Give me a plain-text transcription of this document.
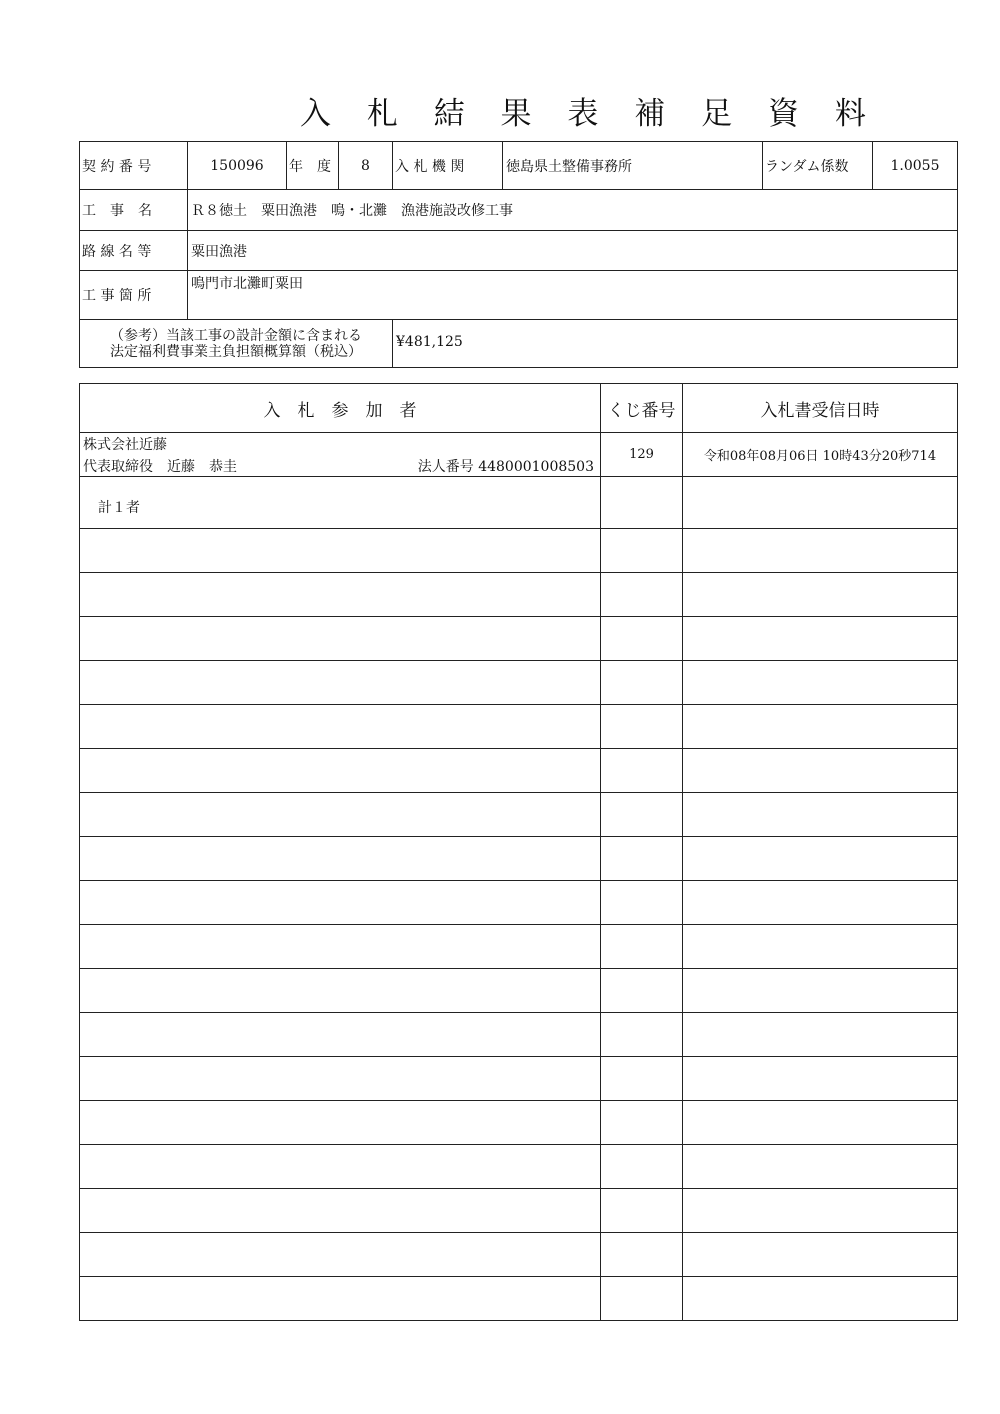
入 札 結 果 表 補 足 資 料
契 約 番 号	150096	年　度	8	入 札 機 関	徳島県土整備事務所	ランダム係数	1.0055
工　事　名	Ｒ８徳土　粟田漁港　鳴・北灘　漁港施設改修工事						
路 線 名 等	粟田漁港						
工 事 箇 所	鳴門市北灘町粟田						

（参考）当該工事の設計金額に含まれる
法定福利費事業主負担額概算額（税込）				¥481,125			
入　札　参　加　者	くじ番号	入札書受信日時

株式会社近藤
代表取締役　近藤　恭圭 法人番号 4480001008503	129	令和08年08月06日 10時43分20秒714
計１者		
